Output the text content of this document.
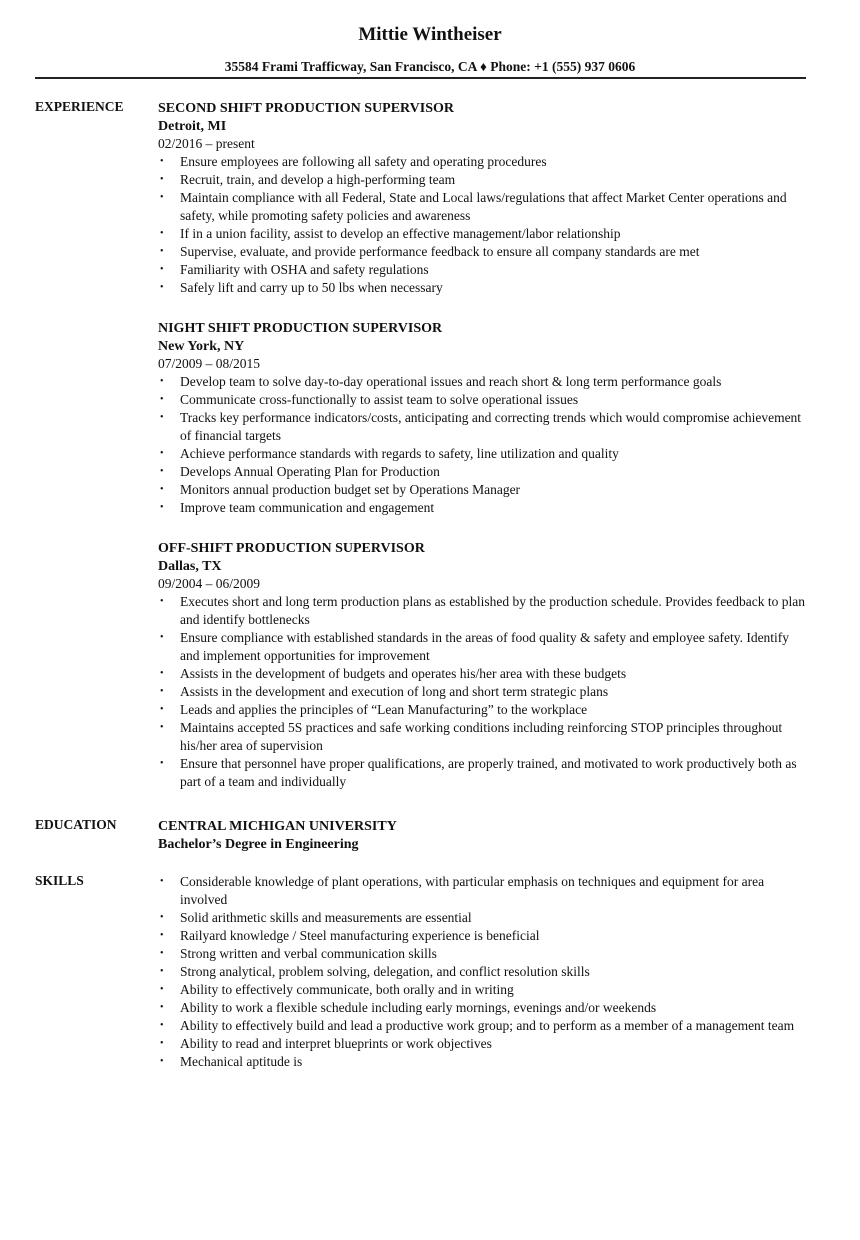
Mittie Wintheiser
35584 Frami Trafficway, San Francisco, CA ♦ Phone: +1 (555) 937 0606
EXPERIENCE SECOND SHIFT PRODUCTION SUPERVISOR
Detroit, MI
02/2016 – present
• Ensure employees are following all safety and operating procedures
• Recruit, train, and develop a high-performing team
• Maintain compliance with all Federal, State and Local laws/regulations that affect Market Center operations and safety, while promoting safety policies and awareness
• If in a union facility, assist to develop an effective management/labor relationship
• Supervise, evaluate, and provide performance feedback to ensure all company standards are met
• Familiarity with OSHA and safety regulations
• Safely lift and carry up to 50 lbs when necessary
NIGHT SHIFT PRODUCTION SUPERVISOR
New York, NY
07/2009 – 08/2015
• Develop team to solve day-to-day operational issues and reach short & long term performance goals
• Communicate cross-functionally to assist team to solve operational issues
• Tracks key performance indicators/costs, anticipating and correcting trends which would compromise achievement of financial targets
• Achieve performance standards with regards to safety, line utilization and quality
• Develops Annual Operating Plan for Production
• Monitors annual production budget set by Operations Manager
• Improve team communication and engagement
OFF-SHIFT PRODUCTION SUPERVISOR
Dallas, TX
09/2004 – 06/2009
• Executes short and long term production plans as established by the production schedule. Provides feedback to plan and identify bottlenecks
• Ensure compliance with established standards in the areas of food quality & safety and employee safety. Identify and implement opportunities for improvement
• Assists in the development of budgets and operates his/her area with these budgets
• Assists in the development and execution of long and short term strategic plans
• Leads and applies the principles of “Lean Manufacturing” to the workplace
• Maintains accepted 5S practices and safe working conditions including reinforcing STOP principles throughout his/her area of supervision
• Ensure that personnel have proper qualifications, are properly trained, and motivated to work productively both as part of a team and individually
EDUCATION	CENTRAL MICHIGAN UNIVERSITY
Bachelor’s Degree in Engineering
SKILLS	• Considerable knowledge of plant operations, with particular emphasis on techniques and equipment for area involved
• Solid arithmetic skills and measurements are essential
• Railyard knowledge / Steel manufacturing experience is beneficial
• Strong written and verbal communication skills
• Strong analytical, problem solving, delegation, and conflict resolution skills
• Ability to effectively communicate, both orally and in writing
• Ability to work a flexible schedule including early mornings, evenings and/or weekends
• Ability to effectively build and lead a productive work group; and to perform as a member of a management team
• Ability to read and interpret blueprints or work objectives
• Mechanical aptitude is
